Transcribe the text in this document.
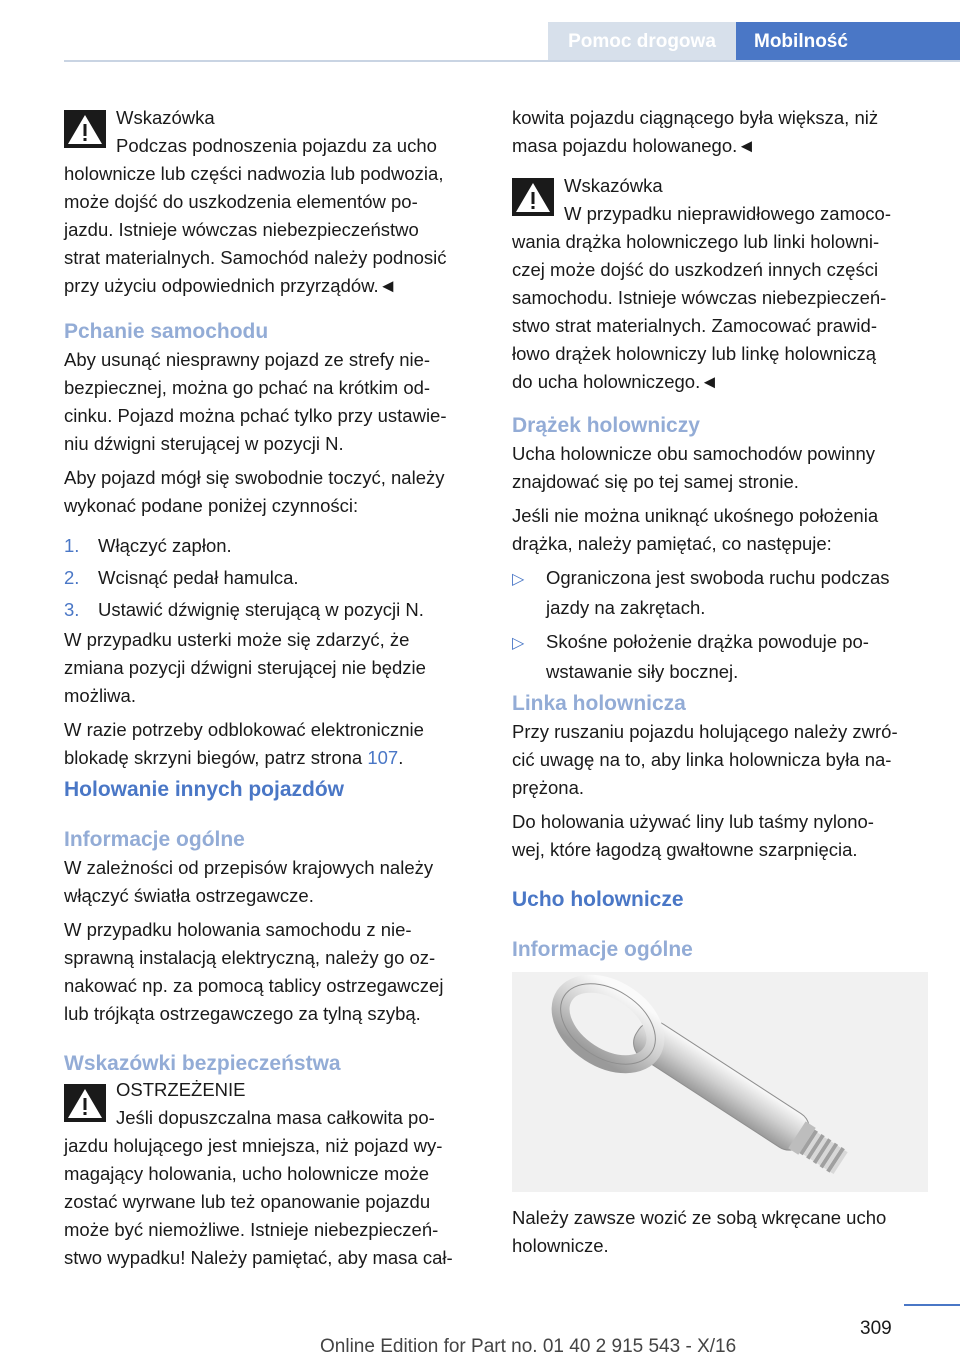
Pomoc drogowa Mobilność

Wskazówka

Podczas podnoszenia pojazdu za ucho

holownicze lub części nadwozia lub podwozia,

może dojść do uszkodzenia elementów po-

jazdu. Istnieje wówczas niebezpieczeństwo

strat materialnych. Samochód należy podnosić

przy użyciu odpowiednich przyrządów.◄

Pchanie samochodu

Aby usunąć niesprawny pojazd ze strefy nie-

bezpiecznej, można go pchać na krótkim od-

cinku. Pojazd można pchać tylko przy ustawie-

niu dźwigni sterującej w pozycji N.

Aby pojazd mógł się swobodnie toczyć, należy

wykonać podane poniżej czynności:

1. Włączyć zapłon.

2. Wcisnąć pedał hamulca.

3. Ustawić dźwignię sterującą w pozycji N.

W przypadku usterki może się zdarzyć, że

zmiana pozycji dźwigni sterującej nie będzie

możliwa.

W razie potrzeby odblokować elektronicznie

blokadę skrzyni biegów, patrz strona 107.

Holowanie innych pojazdów

Informacje ogólne

W zależności od przepisów krajowych należy

włączyć światła ostrzegawcze.

W przypadku holowania samochodu z nie-

sprawną instalacją elektryczną, należy go oz-

nakować np. za pomocą tablicy ostrzegawczej

lub trójkąta ostrzegawczego za tylną szybą.

Wskazówki bezpieczeństwa

OSTRZEŻENIE

Jeśli dopuszczalna masa całkowita po-

jazdu holującego jest mniejsza, niż pojazd wy-

magający holowania, ucho holownicze może

zostać wyrwane lub też opanowanie pojazdu

może być niemożliwe. Istnieje niebezpieczeń-

stwo wypadku! Należy pamiętać, aby masa cał-

kowita pojazdu ciągnącego była większa, niż

masa pojazdu holowanego.◄

Wskazówka

W przypadku nieprawidłowego zamoco-

wania drążka holowniczego lub linki holowni-

czej może dojść do uszkodzeń innych części

samochodu. Istnieje wówczas niebezpieczeń-

stwo strat materialnych. Zamocować prawid-

łowo drążek holowniczy lub linkę holowniczą

do ucha holowniczego.◄

Drążek holowniczy

Ucha holownicze obu samochodów powinny

znajdować się po tej samej stronie.

Jeśli nie można uniknąć ukośnego położenia

drążka, należy pamiętać, co następuje:

▷ Ograniczona jest swoboda ruchu podczas

jazdy na zakrętach.

▷ Skośne położenie drążka powoduje po-

wstawanie siły bocznej.

Linka holownicza

Przy ruszaniu pojazdu holującego należy zwró-

cić uwagę na to, aby linka holownicza była na-

prężona.

Do holowania używać liny lub taśmy nylono-

wej, które łagodzą gwałtowne szarpnięcia.

Ucho holownicze

Informacje ogólne

Należy zawsze wozić ze sobą wkręcane ucho

holownicze.

309
Online Edition for Part no. 01 40 2 915 543 - X/16
